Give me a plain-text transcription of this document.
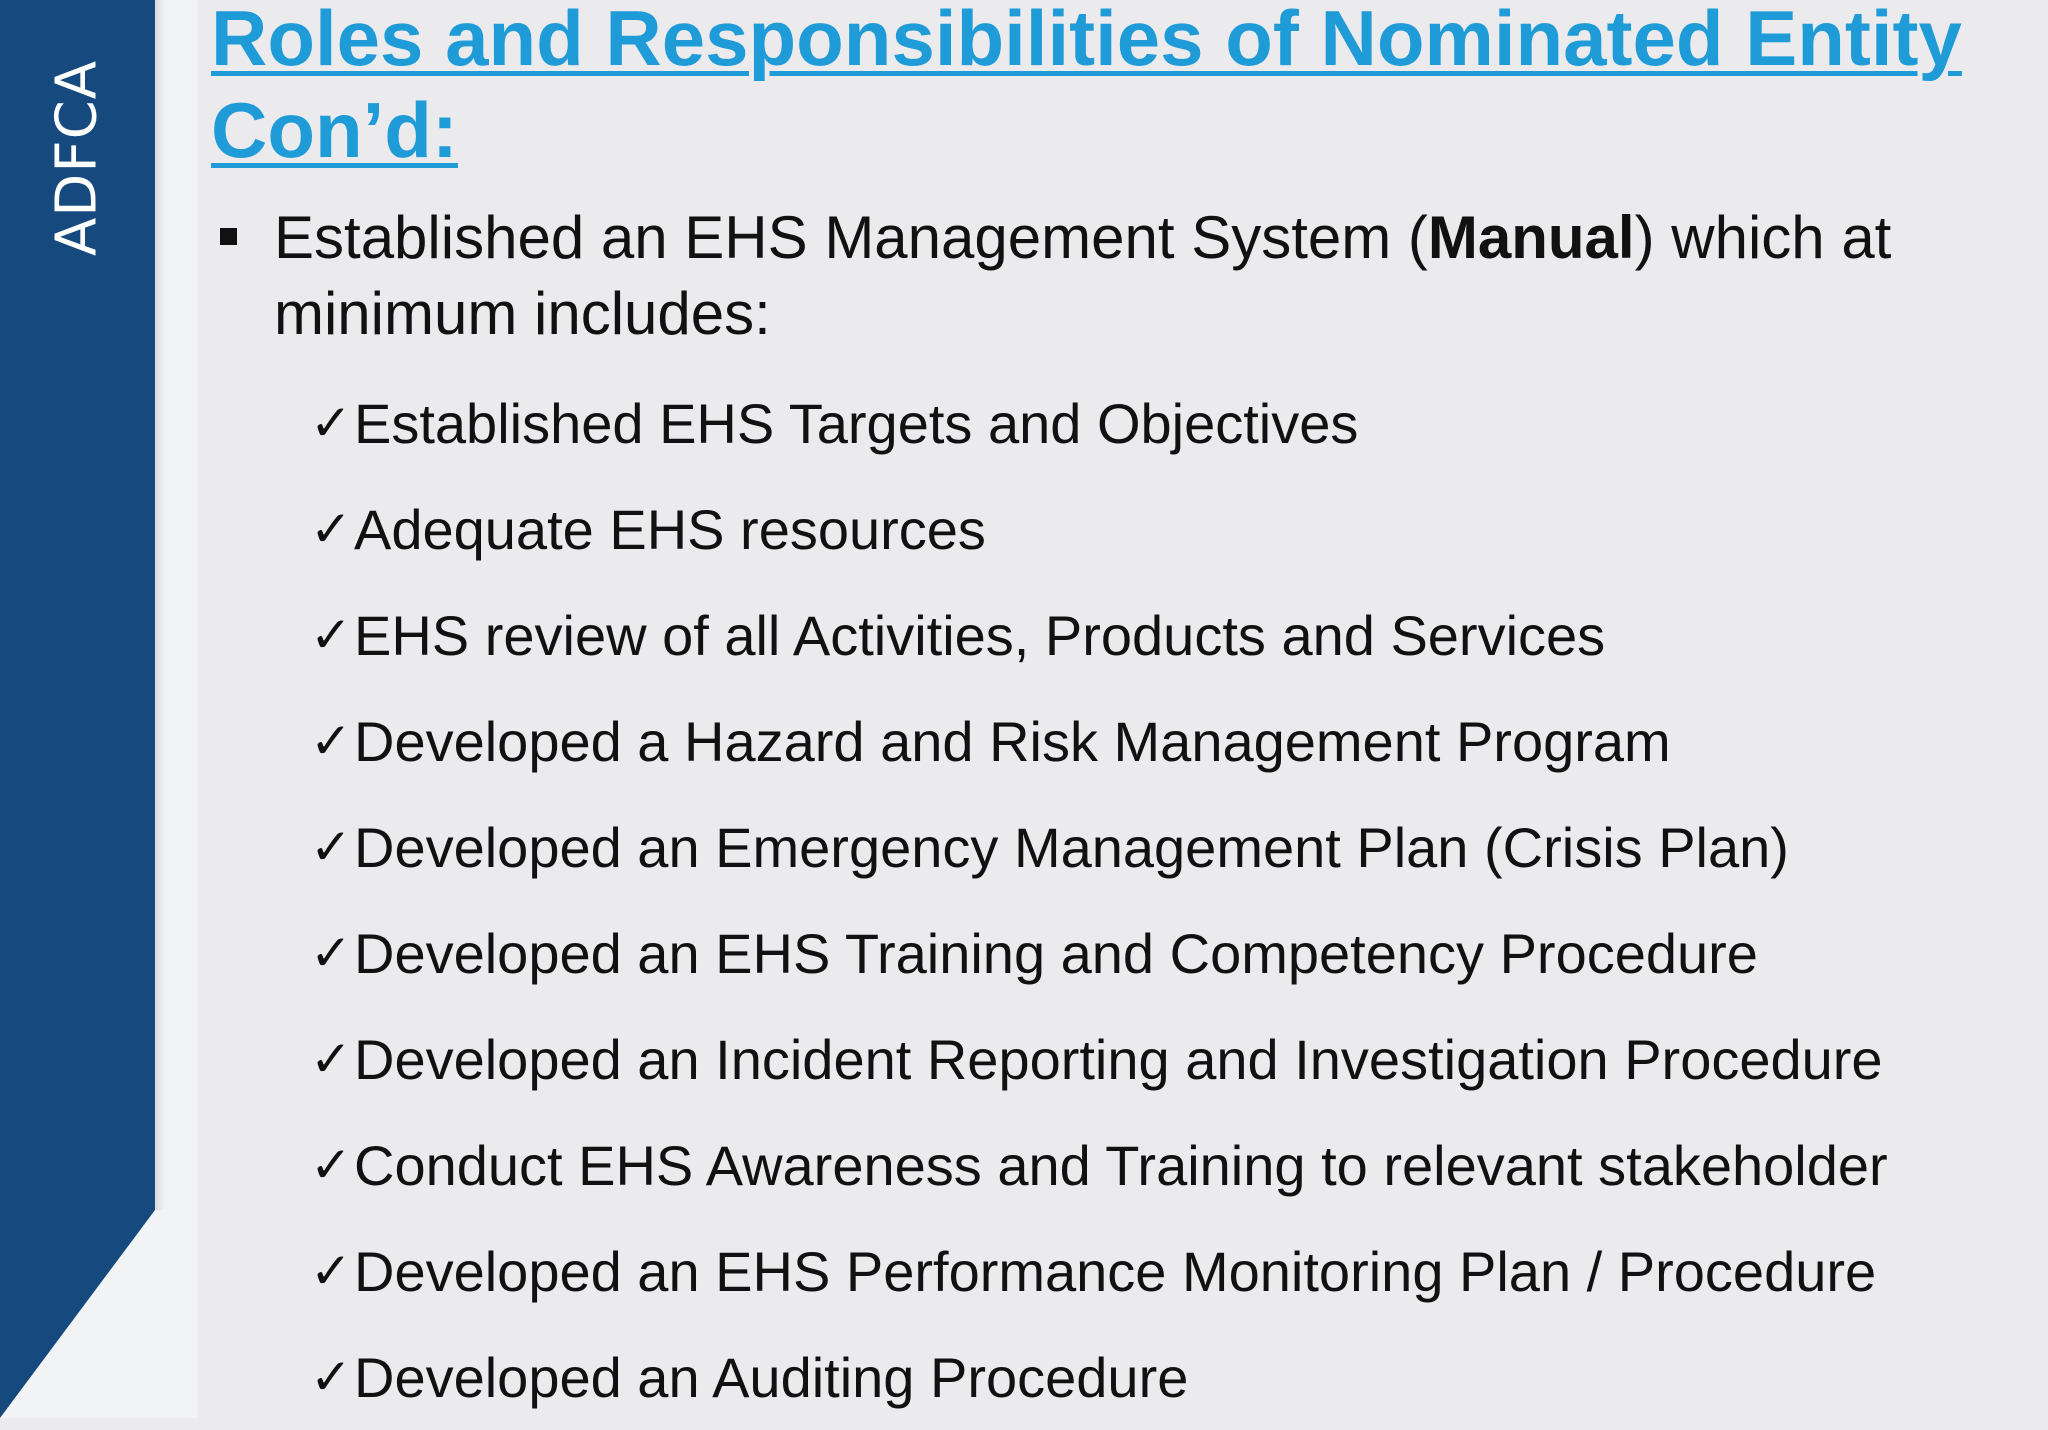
ADFCA
Roles and Responsibilities of Nominated Entity Con’d:
Established an EHS Management System (Manual) which at minimum includes:
✓ Established EHS Targets and Objectives
✓ Adequate EHS resources
✓ EHS review of all Activities, Products and Services
✓ Developed a Hazard and Risk Management Program
✓ Developed an Emergency Management Plan (Crisis Plan)
✓ Developed an EHS Training and Competency Procedure
✓ Developed an Incident Reporting and Investigation Procedure
✓ Conduct EHS Awareness and Training to relevant stakeholder
✓ Developed an EHS Performance Monitoring Plan / Procedure
✓ Developed an Auditing Procedure
